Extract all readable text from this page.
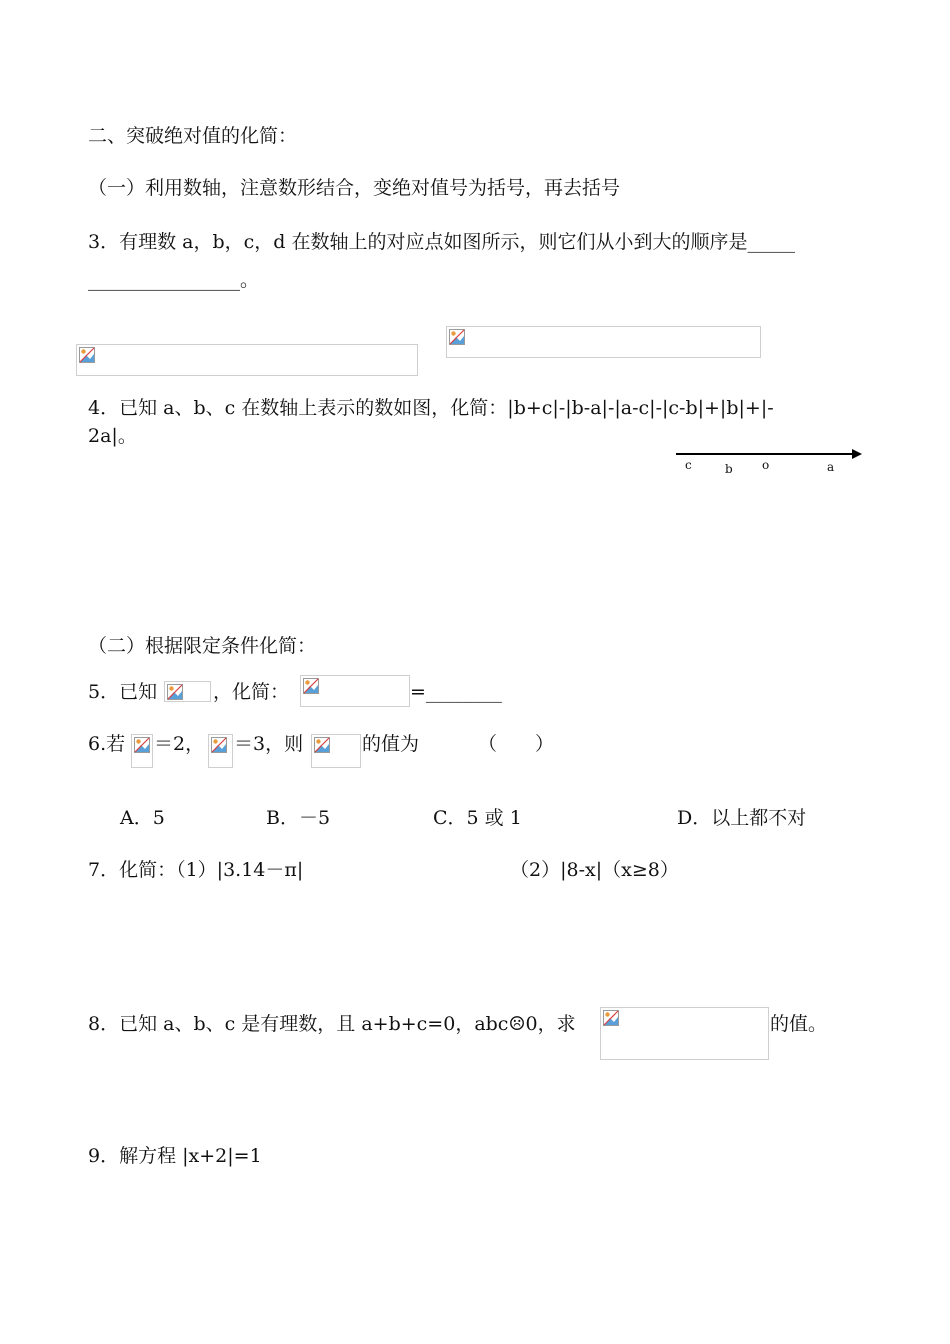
二、突破绝对值的化简：
（一）利用数轴，注意数形结合，变绝对值号为括号，再去括号
3．有理数 a，b，c，d 在数轴上的对应点如图所示，则它们从小到大的顺序是_____
________________。
4．已知 a、b、c 在数轴上表示的数如图，化简：|b+c|-|b-a|-|a-c|-|c-b|+|b|+|-
2a|。
c	b o	a
（二）根据限定条件化简：
5．已知	，化简：	=________
6.若 ＝2， ＝3，则	的值为	（　　）
A．5	B．－5	C．5 或 1	D．以上都不对
7．化简：（1）|3.14－π|	（2）|8-x|（x≥8）
8．已知 a、b、c 是有理数，且 a+b+c=0，abc☹0，求	的值。
9．解方程 |x+2|=1
